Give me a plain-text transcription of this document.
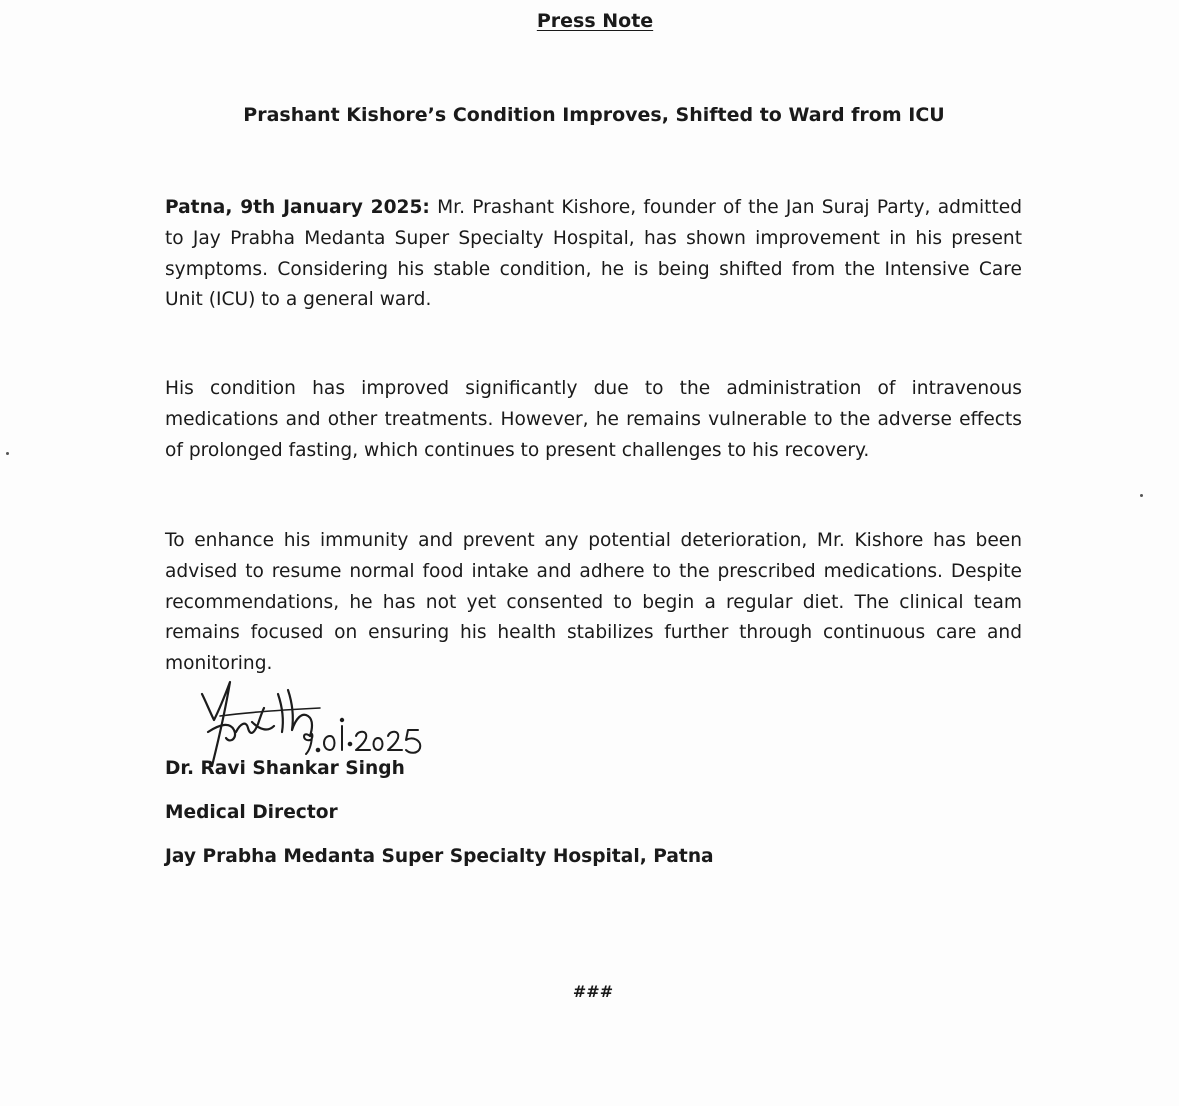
Press Note
Prashant Kishore’s Condition Improves, Shifted to Ward from ICU

Patna, 9th January 2025: Mr. Prashant Kishore, founder of the Jan Suraj Party, admitted to Jay Prabha Medanta Super Specialty Hospital, has shown improvement in his present symptoms. Considering his stable condition, he is being shifted from the Intensive Care Unit (ICU) to a general ward.

His condition has improved significantly due to the administration of intravenous medications and other treatments. However, he remains vulnerable to the adverse effects of prolonged fasting, which continues to present challenges to his recovery.

To enhance his immunity and prevent any potential deterioration, Mr. Kishore has been advised to resume normal food intake and adhere to the prescribed medications. Despite recommendations, he has not yet consented to begin a regular diet. The clinical team remains focused on ensuring his health stabilizes further through continuous care and monitoring.

Dr. Ravi Shankar Singh
Medical Director
Jay Prabha Medanta Super Specialty Hospital, Patna
###
